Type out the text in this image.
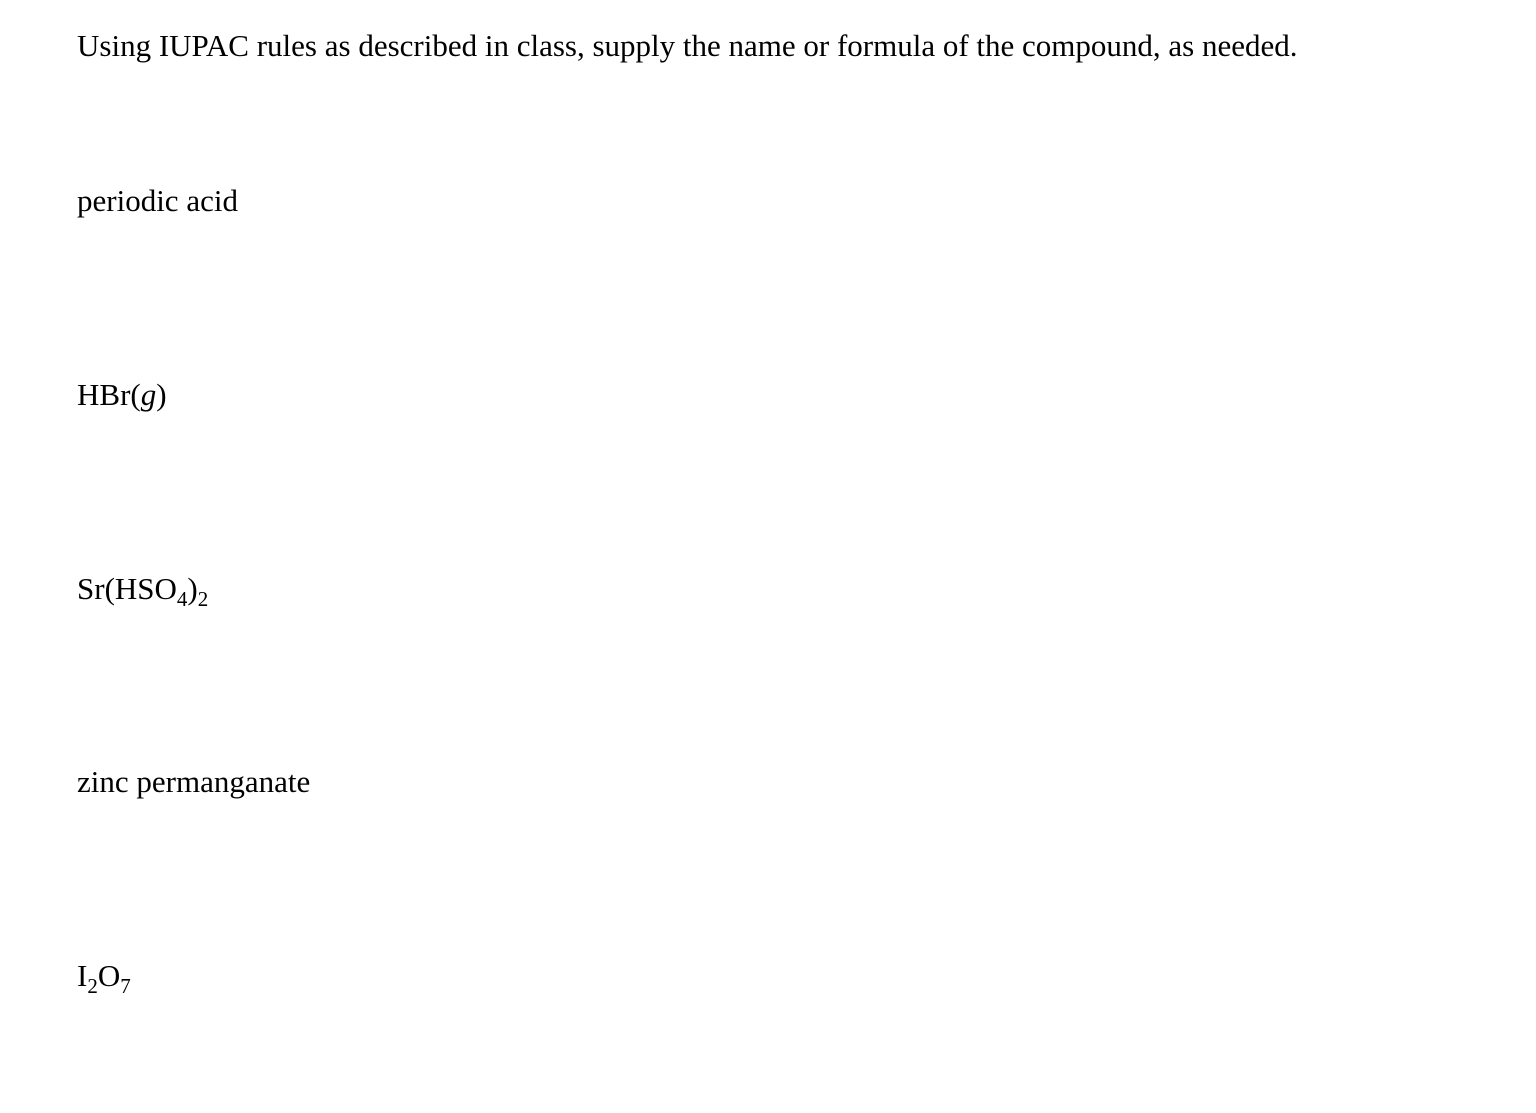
Using IUPAC rules as described in class, supply the name or formula of the compound, as needed.
periodic acid
HBr(g)
$Sr(HSO_4)_2$
zinc permanganate
$I_2O_7$
